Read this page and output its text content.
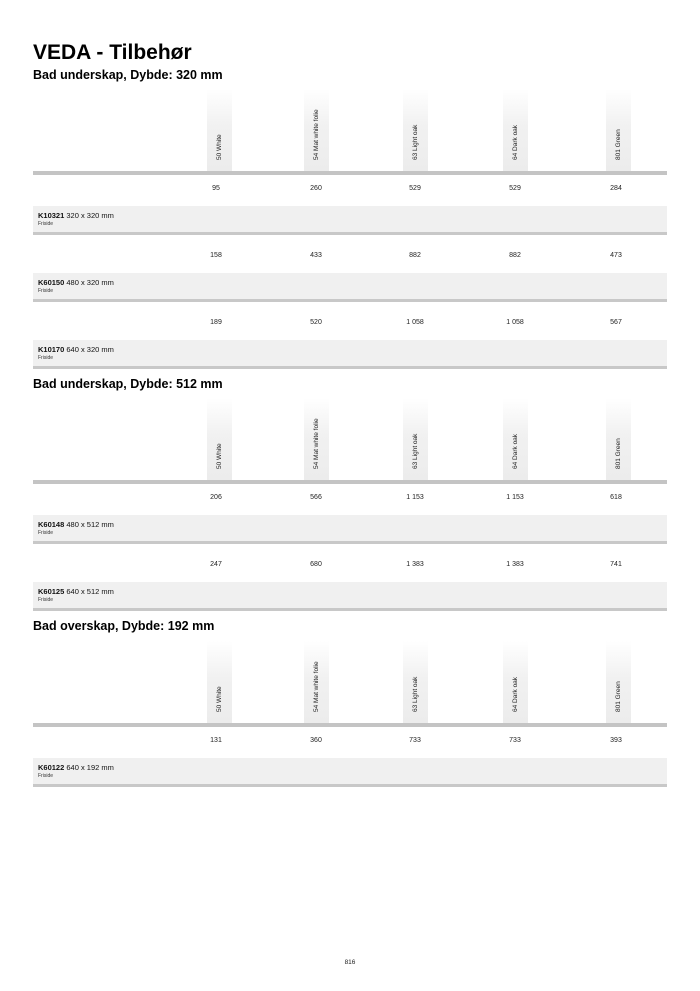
VEDA - Tilbehør
Bad underskap, Dybde: 320 mm
50 White	54 Mat white folie	63 Light oak	64 Dark oak	801 Green
95	260	529	529	284
K10321 320 x 320 mm
Friside
158	433	882	882	473
K60150 480 x 320 mm
Friside
189	520	1 058	1 058	567
K10170 640 x 320 mm
Friside
Bad underskap, Dybde: 512 mm
50 White	54 Mat white folie	63 Light oak	64 Dark oak	801 Green
206	566	1 153	1 153	618
K60148 480 x 512 mm
Friside
247	680	1 383	1 383	741
K60125 640 x 512 mm
Friside
Bad overskap, Dybde: 192 mm
50 White	54 Mat white folie	63 Light oak	64 Dark oak	801 Green
131	360	733	733	393
K60122 640 x 192 mm
Friside
816
